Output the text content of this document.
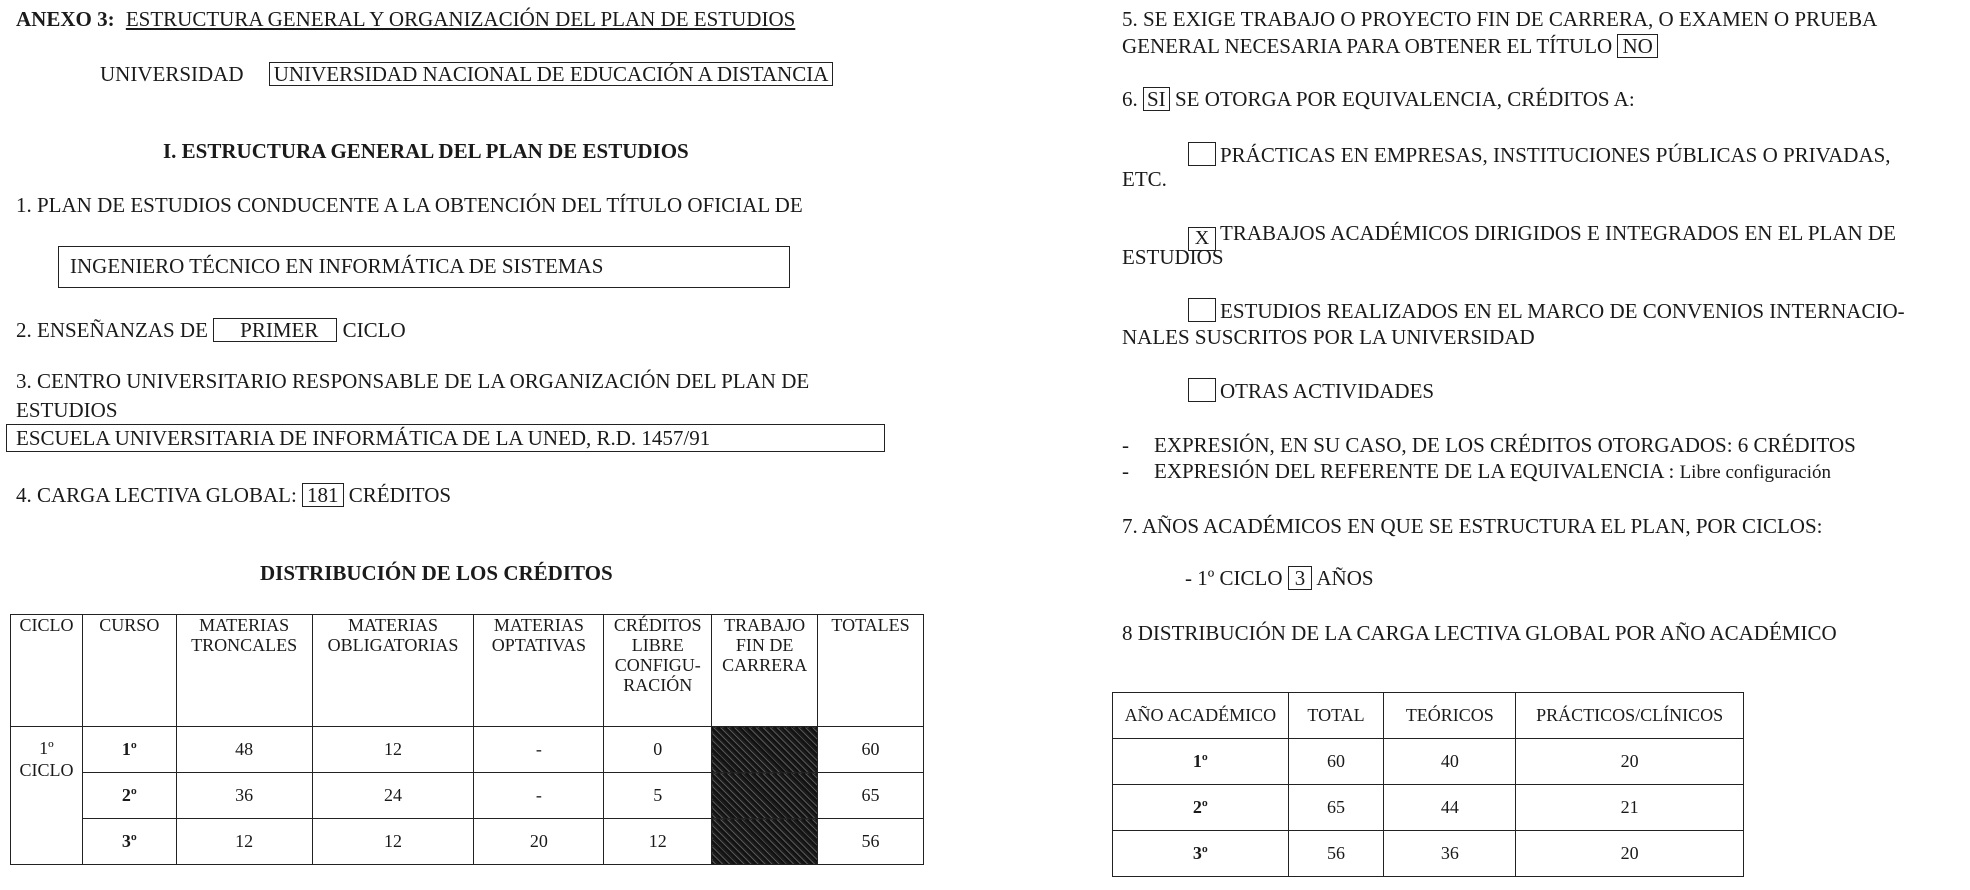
ANEXO 3: ESTRUCTURA GENERAL Y ORGANIZACIÓN DEL PLAN DE ESTUDIOS
UNIVERSIDAD UNIVERSIDAD NACIONAL DE EDUCACIÓN A DISTANCIA
I. ESTRUCTURA GENERAL DEL PLAN DE ESTUDIOS
1. PLAN DE ESTUDIOS CONDUCENTE A LA OBTENCIÓN DEL TÍTULO OFICIAL DE
INGENIERO TÉCNICO EN INFORMÁTICA DE SISTEMAS
2. ENSEÑANZAS DE PRIMER CICLO
3. CENTRO UNIVERSITARIO RESPONSABLE DE LA ORGANIZACIÓN DEL PLAN DE
ESTUDIOS
ESCUELA UNIVERSITARIA DE INFORMÁTICA DE LA UNED, R.D. 1457/91
4. CARGA LECTIVA GLOBAL: 181 CRÉDITOS
DISTRIBUCIÓN DE LOS CRÉDITOS
CICLO	CURSO	MATERIAS TRONCALES	MATERIAS OBLIGATORIAS	MATERIAS OPTATIVAS	CRÉDITOS LIBRE CONFIGU- RACIÓN	TRABAJO FIN DE CARRERA	TOTALES
1º CICLO	1º	48	12	-	0		60
	2º	36	24	-	5		65
	3º	12	12	20	12		56
5. SE EXIGE TRABAJO O PROYECTO FIN DE CARRERA, O EXAMEN O PRUEBA
GENERAL NECESARIA PARA OBTENER EL TÍTULO NO
6. SI SE OTORGA POR EQUIVALENCIA, CRÉDITOS A:
PRÁCTICAS EN EMPRESAS, INSTITUCIONES PÚBLICAS O PRIVADAS,
ETC.
X TRABAJOS ACADÉMICOS DIRIGIDOS E INTEGRADOS EN EL PLAN DE
ESTUDIOS
ESTUDIOS REALIZADOS EN EL MARCO DE CONVENIOS INTERNACIO-
NALES SUSCRITOS POR LA UNIVERSIDAD
OTRAS ACTIVIDADES
- EXPRESIÓN, EN SU CASO, DE LOS CRÉDITOS OTORGADOS: 6 CRÉDITOS
- EXPRESIÓN DEL REFERENTE DE LA EQUIVALENCIA : Libre configuración
7. AÑOS ACADÉMICOS EN QUE SE ESTRUCTURA EL PLAN, POR CICLOS:
- 1º CICLO 3 AÑOS
8 DISTRIBUCIÓN DE LA CARGA LECTIVA GLOBAL POR AÑO ACADÉMICO
AÑO ACADÉMICO	TOTAL	TEÓRICOS	PRÁCTICOS/CLÍNICOS
1º	60	40	20
2º	65	44	21
3º	56	36	20
